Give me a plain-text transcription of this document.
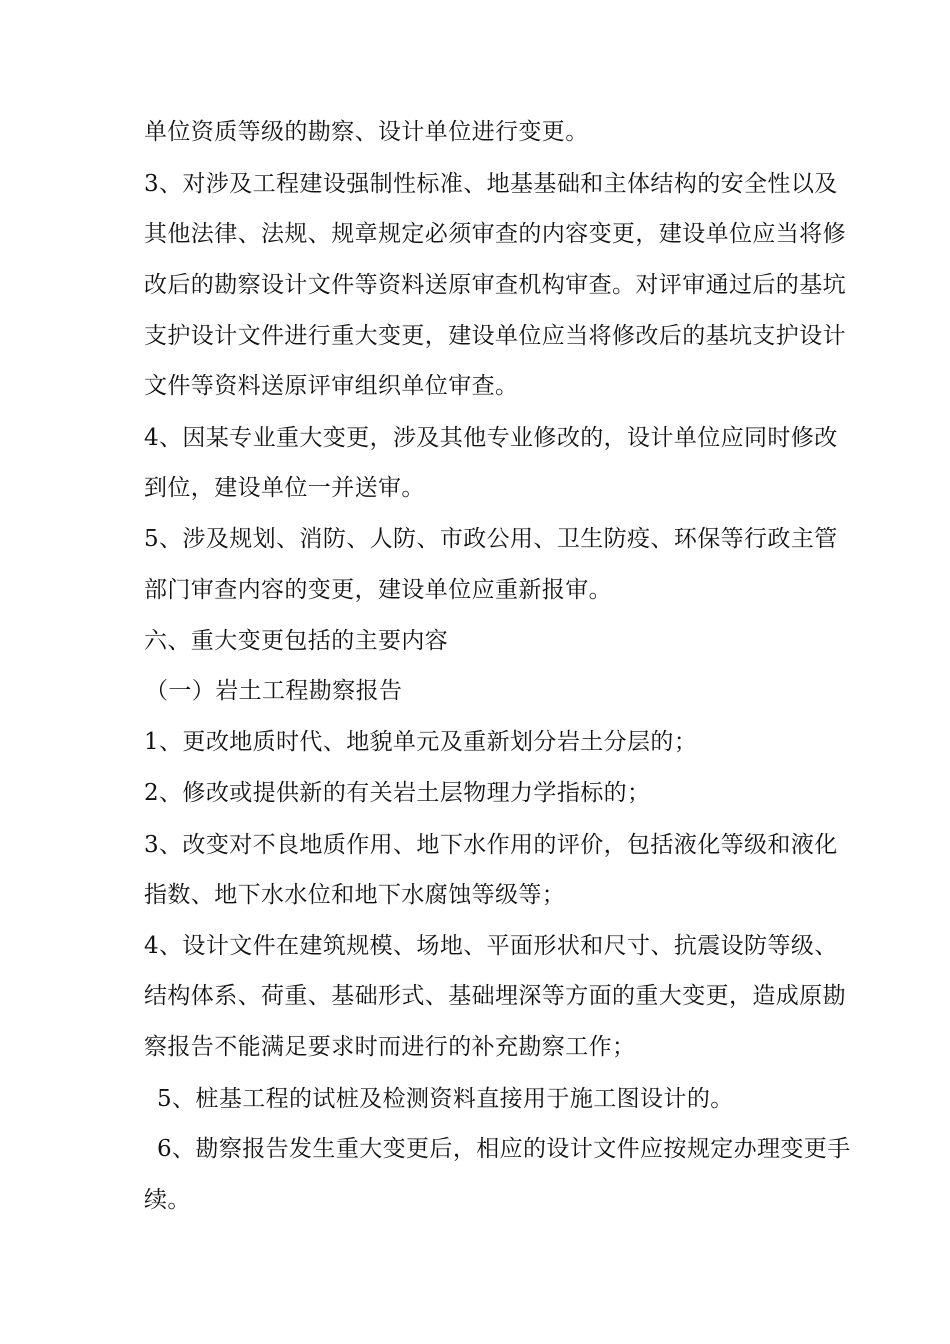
单位资质等级的勘察、设计单位进行变更。
3、对涉及工程建设强制性标准、地基基础和主体结构的安全性以及
其他法律、法规、规章规定必须审查的内容变更，建设单位应当将修
改后的勘察设计文件等资料送原审查机构审查。对评审通过后的基坑
支护设计文件进行重大变更，建设单位应当将修改后的基坑支护设计
文件等资料送原评审组织单位审查。
4、因某专业重大变更，涉及其他专业修改的，设计单位应同时修改
到位，建设单位一并送审。
5、涉及规划、消防、人防、市政公用、卫生防疫、环保等行政主管
部门审查内容的变更，建设单位应重新报审。
六、重大变更包括的主要内容
（一）岩土工程勘察报告
1、更改地质时代、地貌单元及重新划分岩土分层的；
2、修改或提供新的有关岩土层物理力学指标的；
3、改变对不良地质作用、地下水作用的评价，包括液化等级和液化
指数、地下水水位和地下水腐蚀等级等；
4、设计文件在建筑规模、场地、平面形状和尺寸、抗震设防等级、
结构体系、荷重、基础形式、基础埋深等方面的重大变更，造成原勘
察报告不能满足要求时而进行的补充勘察工作；
5、桩基工程的试桩及检测资料直接用于施工图设计的。
6、勘察报告发生重大变更后，相应的设计文件应按规定办理变更手
续。
